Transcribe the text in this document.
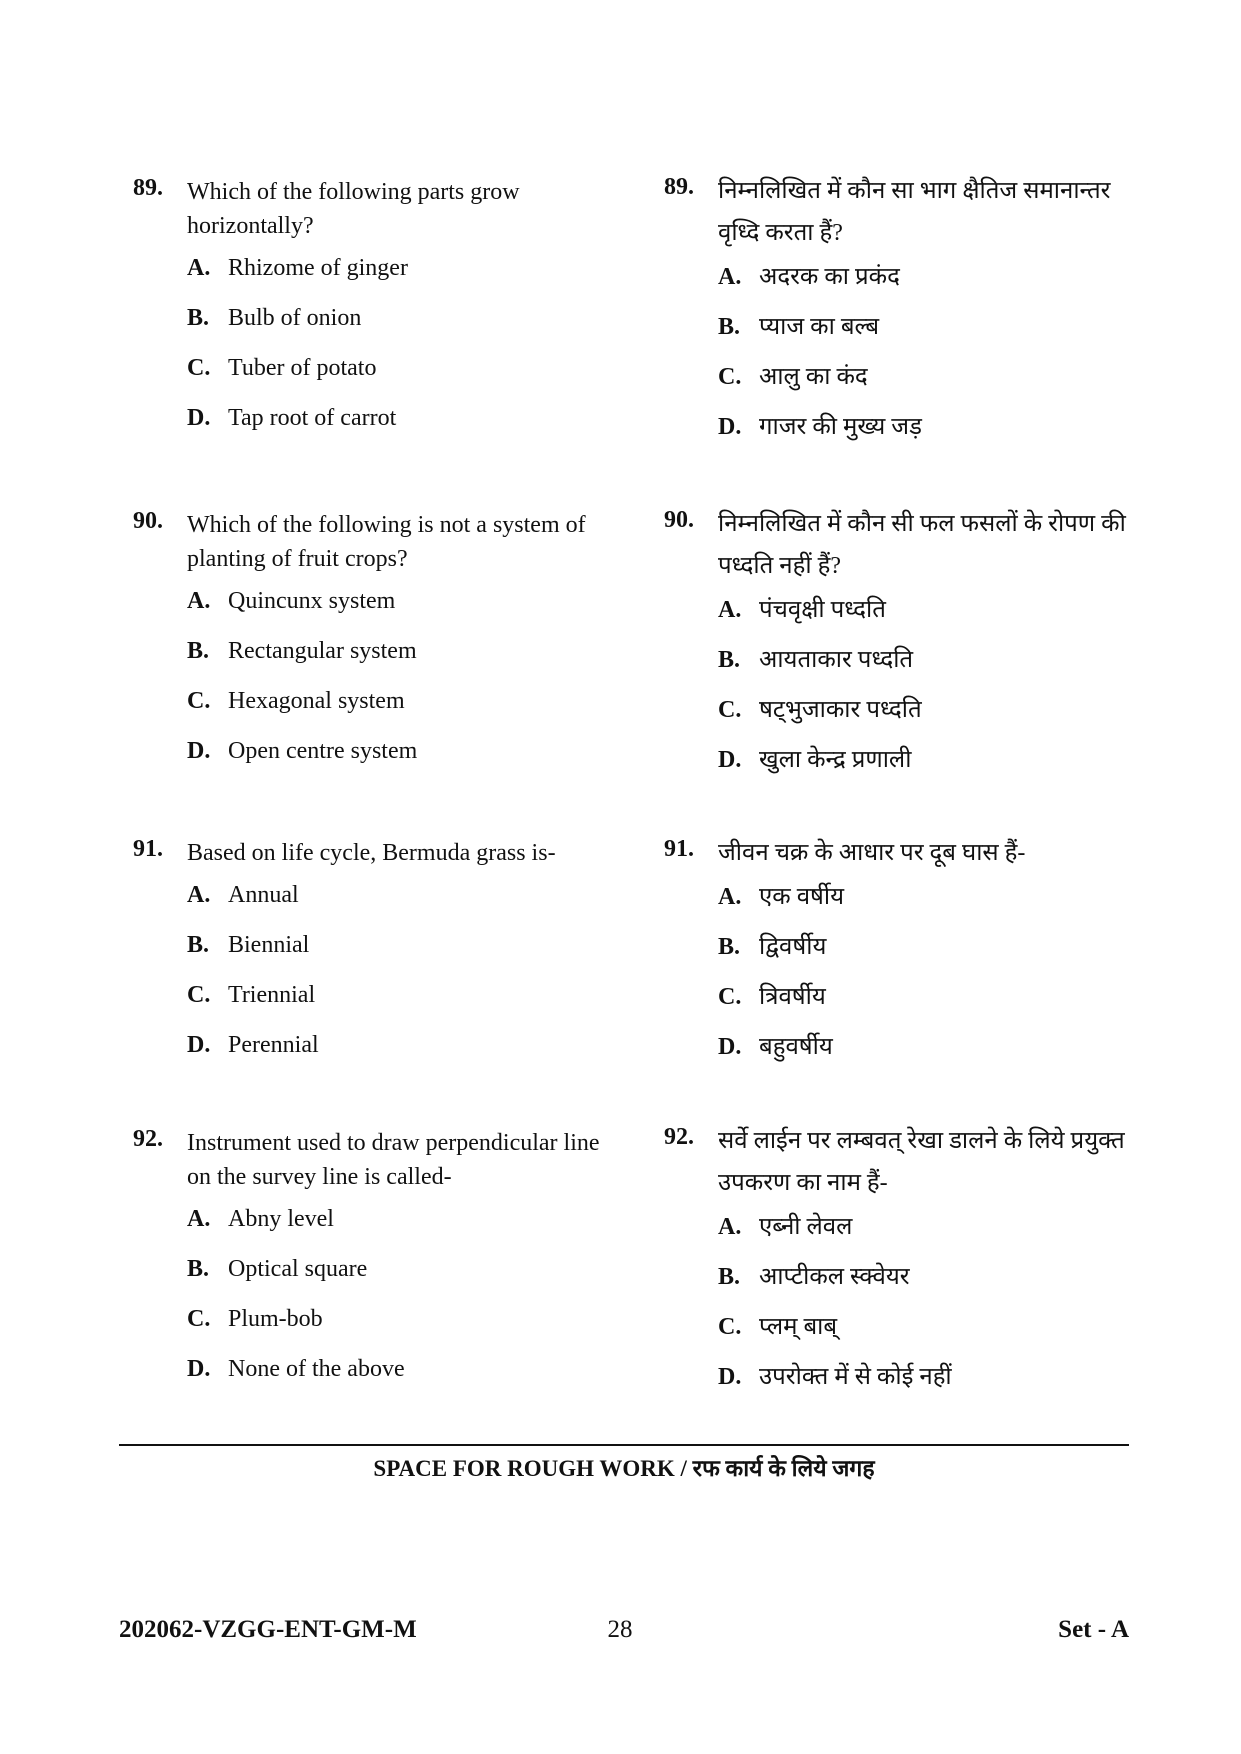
89. Which of the following parts grow horizontally?
A. Rhizome of ginger
B. Bulb of onion
C. Tuber of potato
D. Tap root of carrot
90. Which of the following is not a system of planting of fruit crops?
A. Quincunx system
B. Rectangular system
C. Hexagonal system
D. Open centre system
91. Based on life cycle, Bermuda grass is-
A. Annual
B. Biennial
C. Triennial
D. Perennial
92. Instrument used to draw perpendicular line on the survey line is called-
A. Abny level
B. Optical square
C. Plum-bob
D. None of the above
89. निम्नलिखित में कौन सा भाग क्षैतिज समानान्तर वृध्दि करता हैं?
A. अदरक का प्रकंद
B. प्याज का बल्ब
C. आलु का कंद
D. गाजर की मुख्य जड़
90. निम्नलिखित में कौन सी फल फसलों के रोपण की पध्दति नहीं हैं?
A. पंचवृक्षी पध्दति
B. आयताकार पध्दति
C. षट्भुजाकार पध्दति
D. खुला केन्द्र प्रणाली
91. जीवन चक्र के आधार पर दूब घास हैं-
A. एक वर्षीय
B. द्विवर्षीय
C. त्रिवर्षीय
D. बहुवर्षीय
92. सर्वे लाईन पर लम्बवत् रेखा डालने के लिये प्रयुक्त उपकरण का नाम हैं-
A. एब्नी लेवल
B. आप्टीकल स्क्वेयर
C. प्लम् बाब्
D. उपरोक्त में से कोई नहीं
SPACE FOR ROUGH WORK / रफ कार्य के लिये जगह
202062-VZGG-ENT-GM-M	28	Set - A
